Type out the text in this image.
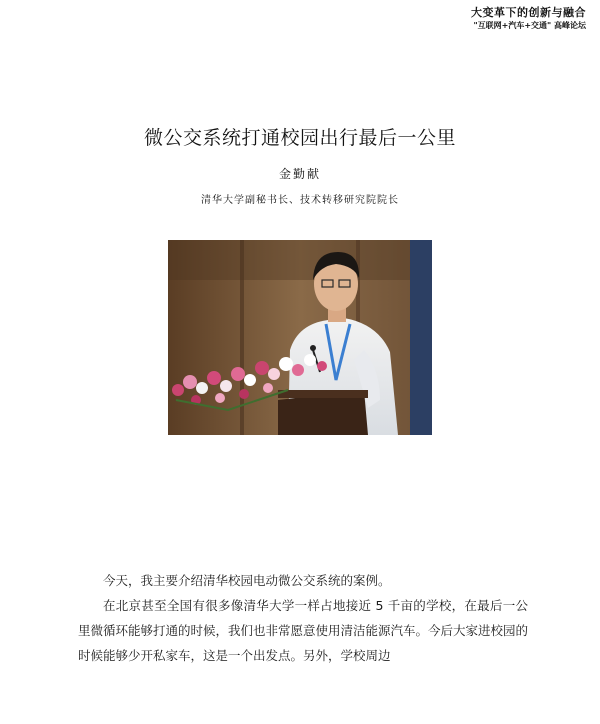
大变革下的创新与融合
"互联网+汽车+交通" 高峰论坛
微公交系统打通校园出行最后一公里
金勤献
清华大学副秘书长、技术转移研究院院长

今天，我主要介绍清华校园电动微公交系统的案例。

在北京甚至全国有很多像清华大学一样占地接近 5 千亩的学校，在最后一公里微循环能够打通的时候，我们也非常愿意使用清洁能源汽车。今后大家进校园的时候能够少开私家车，这是一个出发点。另外，学校周边
